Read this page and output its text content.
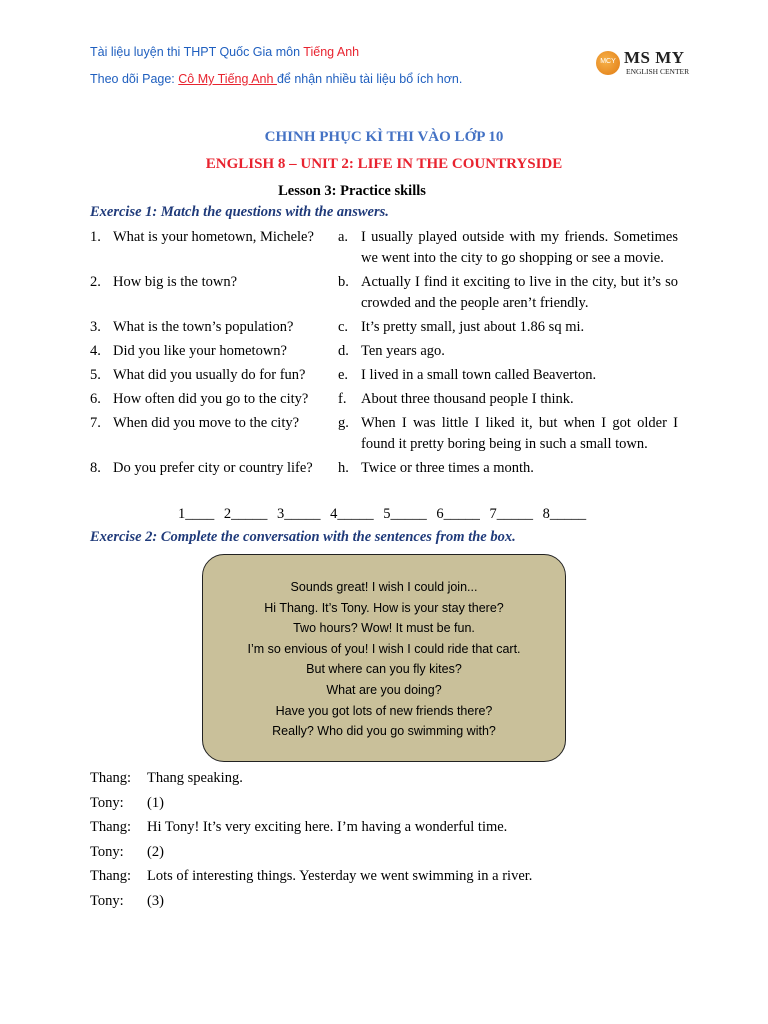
Tài liệu luyện thi THPT Quốc Gia môn Tiếng Anh
Theo dõi Page: Cô My Tiếng Anh để nhận nhiều tài liệu bổ ích hơn.
MCY MS MY
ENGLISH CENTER
CHINH PHỤC KÌ THI VÀO LỚP 10
ENGLISH 8 – UNIT 2: LIFE IN THE COUNTRYSIDE
Lesson 3: Practice skills
Exercise 1: Match the questions with the answers.
1. What is your hometown, Michele?	a. I usually played outside with my friends. Sometimes we went into the city to go shopping or see a movie.
2. How big is the town?	b. Actually I find it exciting to live in the city, but it’s so crowded and the people aren’t friendly.
3. What is the town’s population?	c. It’s pretty small, just about 1.86 sq mi.
4. Did you like your hometown?	d. Ten years ago.
5. What did you usually do for fun?	e. I lived in a small town called Beaverton.
6. How often did you go to the city?	f.	About three thousand people I think.
7. When did you move to the city?	g. When I was little I liked it, but when I got older I found it pretty boring being in such a small town.
8. Do you prefer city or country life?	h. Twice or three times a month.
1____ 2_____ 3_____ 4_____ 5_____ 6_____ 7_____ 8_____
Exercise 2: Complete the conversation with the sentences from the box.
Sounds great! I wish I could join...
Hi Thang. It’s Tony. How is your stay there?
Two hours? Wow! It must be fun.
I’m so envious of you! I wish I could ride that cart.
But where can you fly kites?
What are you doing?
Have you got lots of new friends there?
Really? Who did you go swimming with?
Thang:	Thang speaking.
Tony:	(1)
Thang:	Hi Tony! It’s very exciting here. I’m having a wonderful time.
Tony:	(2)
Thang:	Lots of interesting things. Yesterday we went swimming in a river.
Tony:	(3)
